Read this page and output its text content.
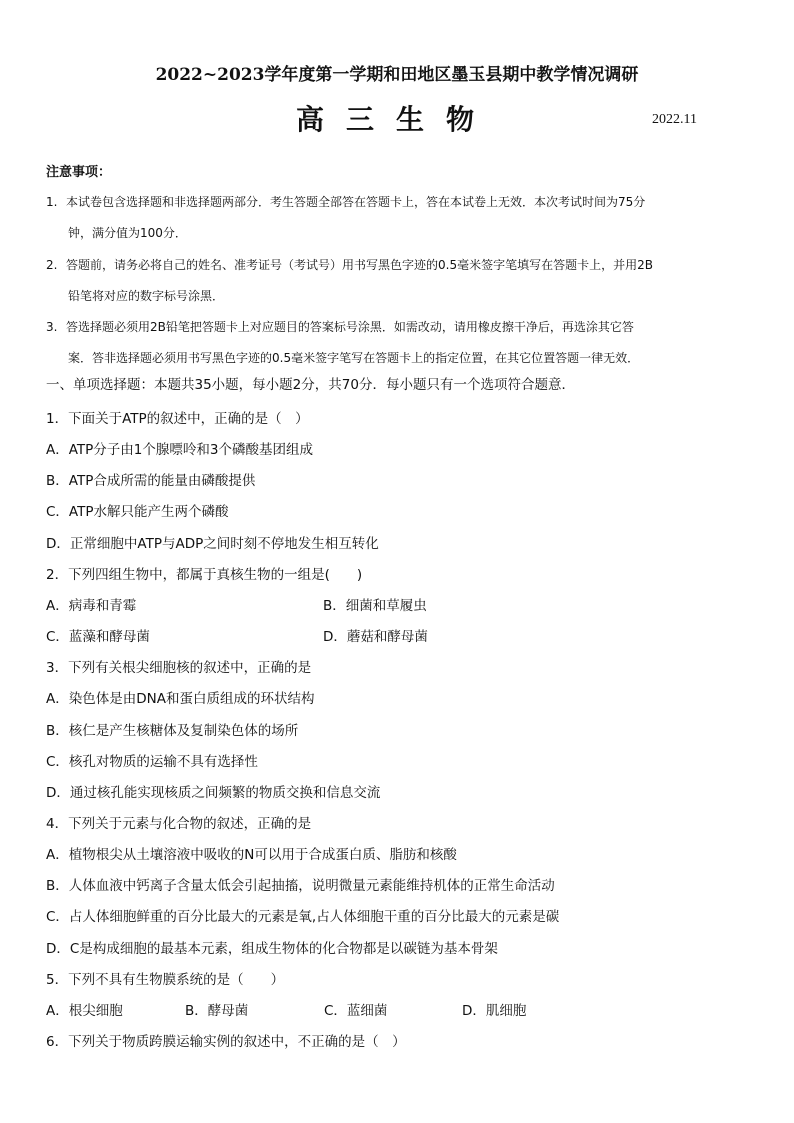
2022~2023学年度第一学期和田地区墨玉县期中教学情况调研
高三生物	2022.11
注意事项：
1. 本试卷包含选择题和非选择题两部分．考生答题全部答在答题卡上，答在本试卷上无效．本次考试时间为75分
钟，满分值为100分．
2. 答题前，请务必将自己的姓名、准考证号（考试号）用书写黑色字迹的0.5毫米签字笔填写在答题卡上，并用2B
铅笔将对应的数字标号涂黑．
3. 答选择题必须用2B铅笔把答题卡上对应题目的答案标号涂黑．如需改动，请用橡皮擦干净后，再选涂其它答
案．答非选择题必须用书写黑色字迹的0.5毫米签字笔写在答题卡上的指定位置，在其它位置答题一律无效．
一、单项选择题：本题共35小题，每小题2分，共70分．每小题只有一个选项符合题意．
1．下面关于ATP的叙述中，正确的是（　）
A．ATP分子由1个腺嘌呤和3个磷酸基团组成
B．ATP合成所需的能量由磷酸提供
C．ATP水解只能产生两个磷酸
D．正常细胞中ATP与ADP之间时刻不停地发生相互转化
2．下列四组生物中，都属于真核生物的一组是(　　)
A．病毒和青霉	B．细菌和草履虫
C．蓝藻和酵母菌	D．蘑菇和酵母菌
3．下列有关根尖细胞核的叙述中，正确的是
A．染色体是由DNA和蛋白质组成的环状结构
B．核仁是产生核糖体及复制染色体的场所
C．核孔对物质的运输不具有选择性
D．通过核孔能实现核质之间频繁的物质交换和信息交流
4．下列关于元素与化合物的叙述，正确的是
A．植物根尖从土壤溶液中吸收的N可以用于合成蛋白质、脂肪和核酸
B．人体血液中钙离子含量太低会引起抽搐，说明微量元素能维持机体的正常生命活动
C．占人体细胞鲜重的百分比最大的元素是氧,占人体细胞干重的百分比最大的元素是碳
D．C是构成细胞的最基本元素，组成生物体的化合物都是以碳链为基本骨架
5．下列不具有生物膜系统的是（　　）
A．根尖细胞	B．酵母菌	C．蓝细菌	D．肌细胞
6．下列关于物质跨膜运输实例的叙述中，不正确的是（　）
